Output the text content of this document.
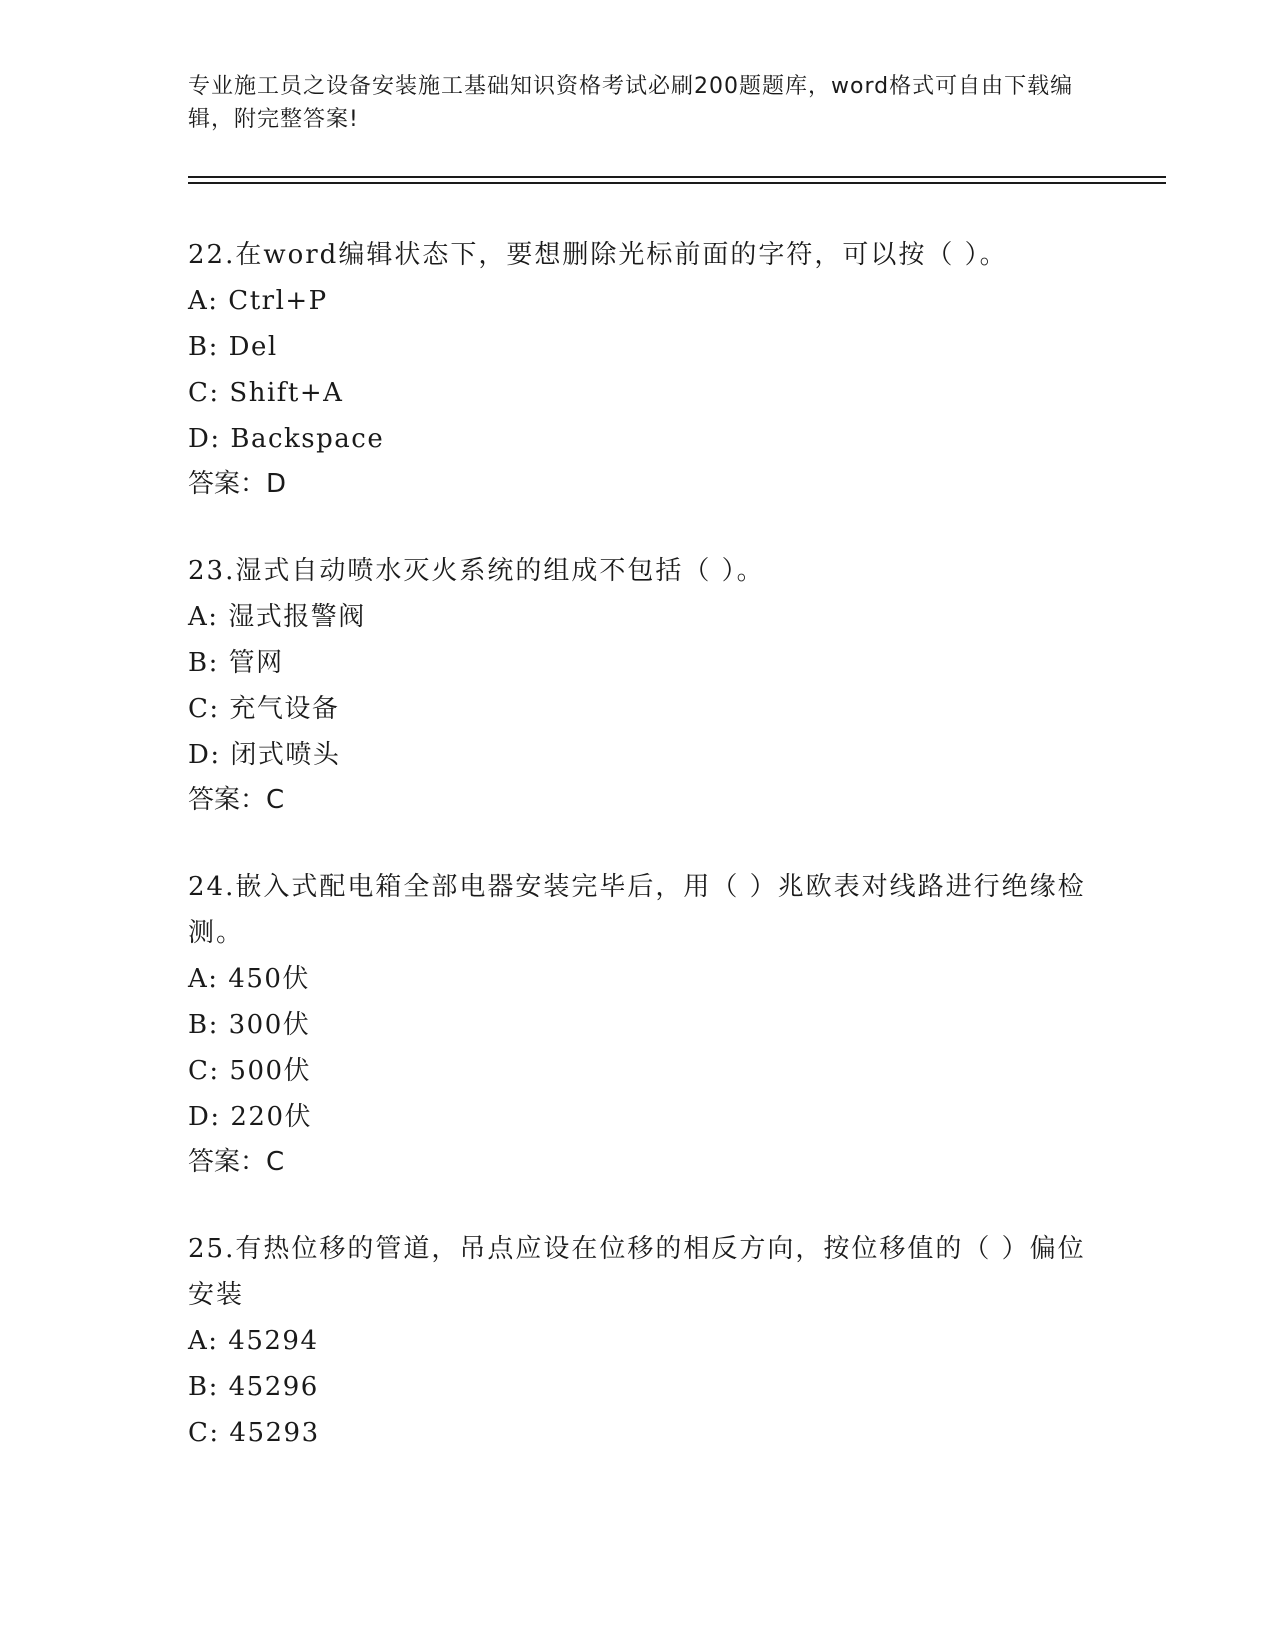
专业施工员之设备安装施工基础知识资格考试必刷200题题库，word格式可自由下载编辑，附完整答案!

22.在word编辑状态下，要想删除光标前面的字符，可以按（ ）。

A: Ctrl+P

B: Del

C: Shift+A

D: Backspace

答案：D

23.湿式自动喷水灭火系统的组成不包括（ ）。

A: 湿式报警阀

B: 管网

C: 充气设备

D: 闭式喷头

答案：C

24.嵌入式配电箱全部电器安装完毕后，用（ ）兆欧表对线路进行绝缘检测。

A: 450伏

B: 300伏

C: 500伏

D: 220伏

答案：C

25.有热位移的管道，吊点应设在位移的相反方向，按位移值的（ ）偏位安装

A: 45294

B: 45296

C: 45293
